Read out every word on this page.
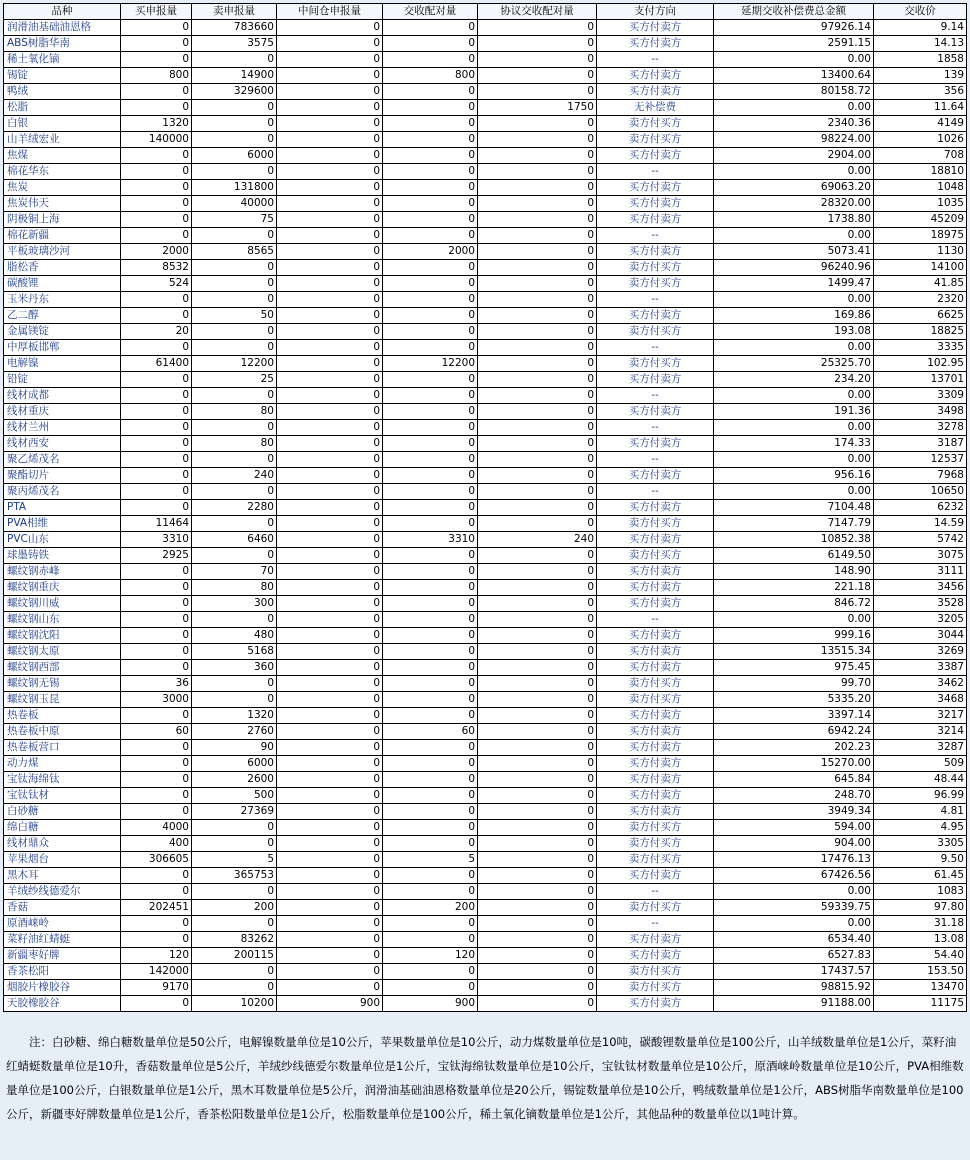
品种	买申报量	卖申报量	中间仓申报量	交收配对量	协议交收配对量	支付方向	延期交收补偿费总金额	交收价
润滑油基础油恩格	0	783660	0	0	0	买方付卖方	97926.14	9.14
ABS树脂华南	0	3575	0	0	0	买方付卖方	2591.15	14.13
稀土氧化镝	0	0	0	0	0	--	0.00	1858
锡锭	800	14900	0	800	0	买方付卖方	13400.64	139
鸭绒	0	329600	0	0	0	买方付卖方	80158.72	356
松脂	0	0	0	0	1750	无补偿费	0.00	11.64
白银	1320	0	0	0	0	卖方付买方	2340.36	4149
山羊绒宏业	140000	0	0	0	0	卖方付买方	98224.00	1026
焦煤	0	6000	0	0	0	买方付卖方	2904.00	708
棉花华东	0	0	0	0	0	--	0.00	18810
焦炭	0	131800	0	0	0	买方付卖方	69063.20	1048
焦炭伟天	0	40000	0	0	0	买方付卖方	28320.00	1035
阴极铜上海	0	75	0	0	0	买方付卖方	1738.80	45209
棉花新疆	0	0	0	0	0	--	0.00	18975
平板玻璃沙河	2000	8565	0	2000	0	买方付卖方	5073.41	1130
脂松香	8532	0	0	0	0	卖方付买方	96240.96	14100
碳酸锂	524	0	0	0	0	卖方付买方	1499.47	41.85
玉米丹东	0	0	0	0	0	--	0.00	2320
乙二醇	0	50	0	0	0	买方付卖方	169.86	6625
金属镁锭	20	0	0	0	0	卖方付买方	193.08	18825
中厚板邯郸	0	0	0	0	0	--	0.00	3335
电解镍	61400	12200	0	12200	0	卖方付买方	25325.70	102.95
铅锭	0	25	0	0	0	买方付卖方	234.20	13701
线材成都	0	0	0	0	0	--	0.00	3309
线材重庆	0	80	0	0	0	买方付卖方	191.36	3498
线材兰州	0	0	0	0	0	--	0.00	3278
线材西安	0	80	0	0	0	买方付卖方	174.33	3187
聚乙烯茂名	0	0	0	0	0	--	0.00	12537
聚酯切片	0	240	0	0	0	买方付卖方	956.16	7968
聚丙烯茂名	0	0	0	0	0	--	0.00	10650
PTA	0	2280	0	0	0	买方付卖方	7104.48	6232
PVA相维	11464	0	0	0	0	卖方付买方	7147.79	14.59
PVC山东	3310	6460	0	3310	240	买方付卖方	10852.38	5742
球墨铸铁	2925	0	0	0	0	卖方付买方	6149.50	3075
螺纹钢赤峰	0	70	0	0	0	买方付卖方	148.90	3111
螺纹钢重庆	0	80	0	0	0	买方付卖方	221.18	3456
螺纹钢川威	0	300	0	0	0	买方付卖方	846.72	3528
螺纹钢山东	0	0	0	0	0	--	0.00	3205
螺纹钢沈阳	0	480	0	0	0	买方付卖方	999.16	3044
螺纹钢太原	0	5168	0	0	0	买方付卖方	13515.34	3269
螺纹钢西部	0	360	0	0	0	买方付卖方	975.45	3387
螺纹钢无锡	36	0	0	0	0	卖方付买方	99.70	3462
螺纹钢玉昆	3000	0	0	0	0	卖方付买方	5335.20	3468
热卷板	0	1320	0	0	0	买方付卖方	3397.14	3217
热卷板中原	60	2760	0	60	0	买方付卖方	6942.24	3214
热卷板营口	0	90	0	0	0	买方付卖方	202.23	3287
动力煤	0	6000	0	0	0	买方付卖方	15270.00	509
宝钛海绵钛	0	2600	0	0	0	买方付卖方	645.84	48.44
宝钛钛材	0	500	0	0	0	买方付卖方	248.70	96.99
白砂糖	0	27369	0	0	0	买方付卖方	3949.34	4.81
绵白糖	4000	0	0	0	0	卖方付买方	594.00	4.95
线材鼎众	400	0	0	0	0	卖方付买方	904.00	3305
苹果烟台	306605	5	0	5	0	卖方付买方	17476.13	9.50
黑木耳	0	365753	0	0	0	买方付卖方	67426.56	61.45
羊绒纱线德爱尔	0	0	0	0	0	--	0.00	1083
香菇	202451	200	0	200	0	卖方付买方	59339.75	97.80
原酒崃岭	0	0	0	0	0	--	0.00	31.18
菜籽油红蜻蜓	0	83262	0	0	0	买方付卖方	6534.40	13.08
新疆枣好牌	120	200115	0	120	0	买方付卖方	6527.83	54.40
香茶松阳	142000	0	0	0	0	卖方付买方	17437.57	153.50
烟胶片橡胶谷	9170	0	0	0	0	卖方付买方	98815.92	13470
天胶橡胶谷	0	10200	900	900	0	买方付卖方	91188.00	11175

注：白砂糖、绵白糖数量单位是50公斤，电解镍数量单位是10公斤，苹果数量单位是10公斤，动力煤数量单位是10吨，碳酸锂数量单位是100公斤，山羊绒数量单位是1公斤，菜籽油红蜻蜓数量单位是10升，香菇数量单位是5公斤，羊绒纱线德爱尔数量单位是1公斤，宝钛海绵钛数量单位是10公斤，宝钛钛材数量单位是10公斤，原酒崃岭数量单位是10公斤，PVA相维数量单位是100公斤，白银数量单位是1公斤，黑木耳数量单位是5公斤，润滑油基础油恩格数量单位是20公斤，锡锭数量单位是10公斤，鸭绒数量单位是1公斤，ABS树脂华南数量单位是100公斤，新疆枣好牌数量单位是1公斤，香茶松阳数量单位是1公斤，松脂数量单位是100公斤，稀土氧化镝数量单位是1公斤，其他品种的数量单位以1吨计算。
